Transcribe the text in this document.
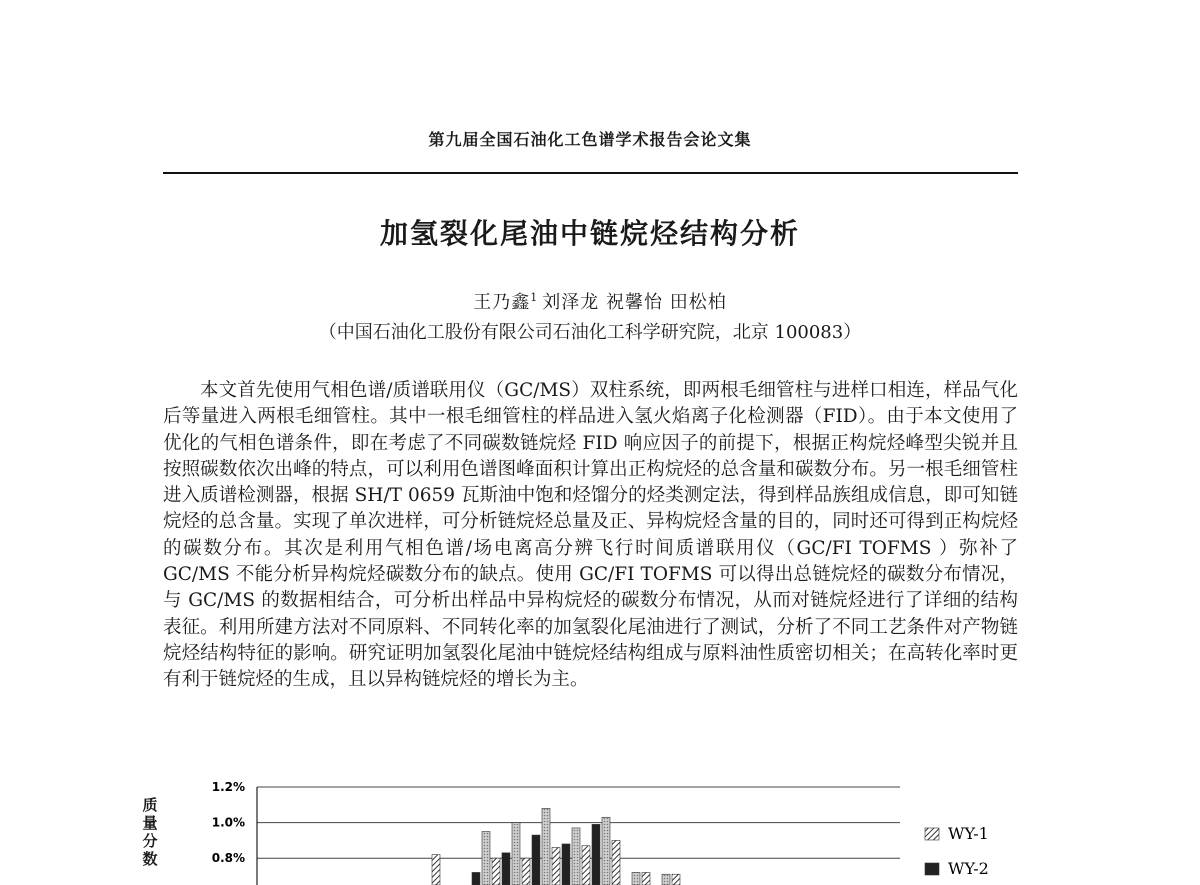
第九届全国石油化工色谱学术报告会论文集
加氢裂化尾油中链烷烃结构分析
王乃鑫$^1$ 刘泽龙 祝馨怡 田松柏
（中国石油化工股份有限公司石油化工科学研究院，北京 100083）

本文首先使用气相色谱/质谱联用仪（GC/MS）双柱系统，即两根毛细管柱与进样口相连，样品气化后等量进入两根毛细管柱。其中一根毛细管柱的样品进入氢火焰离子化检测器（FID）。由于本文使用了优化的气相色谱条件，即在考虑了不同碳数链烷烃 FID 响应因子的前提下，根据正构烷烃峰型尖锐并且按照碳数依次出峰的特点，可以利用色谱图峰面积计算出正构烷烃的总含量和碳数分布。另一根毛细管柱进入质谱检测器，根据 SH/T 0659 瓦斯油中饱和烃馏分的烃类测定法，得到样品族组成信息，即可知链烷烃的总含量。实现了单次进样，可分析链烷烃总量及正、异构烷烃含量的目的，同时还可得到正构烷烃的碳数分布。其次是利用气相色谱/场电离高分辨飞行时间质谱联用仪（GC/FI TOFMS ）弥补了 GC/MS 不能分析异构烷烃碳数分布的缺点。使用 GC/FI TOFMS 可以得出总链烷烃的碳数分布情况，与 GC/MS 的数据相结合，可分析出样品中异构烷烃的碳数分布情况，从而对链烷烃进行了详细的结构表征。利用所建方法对不同原料、不同转化率的加氢裂化尾油进行了测试，分析了不同工艺条件对产物链烷烃结构特征的影响。研究证明加氢裂化尾油中链烷烃结构组成与原料油性质密切相关；在高转化率时更有利于链烷烃的生成，且以异构链烷烃的增长为主。

质量分数
1.2%
1.0%
0.8%
WY-1
WY-2
